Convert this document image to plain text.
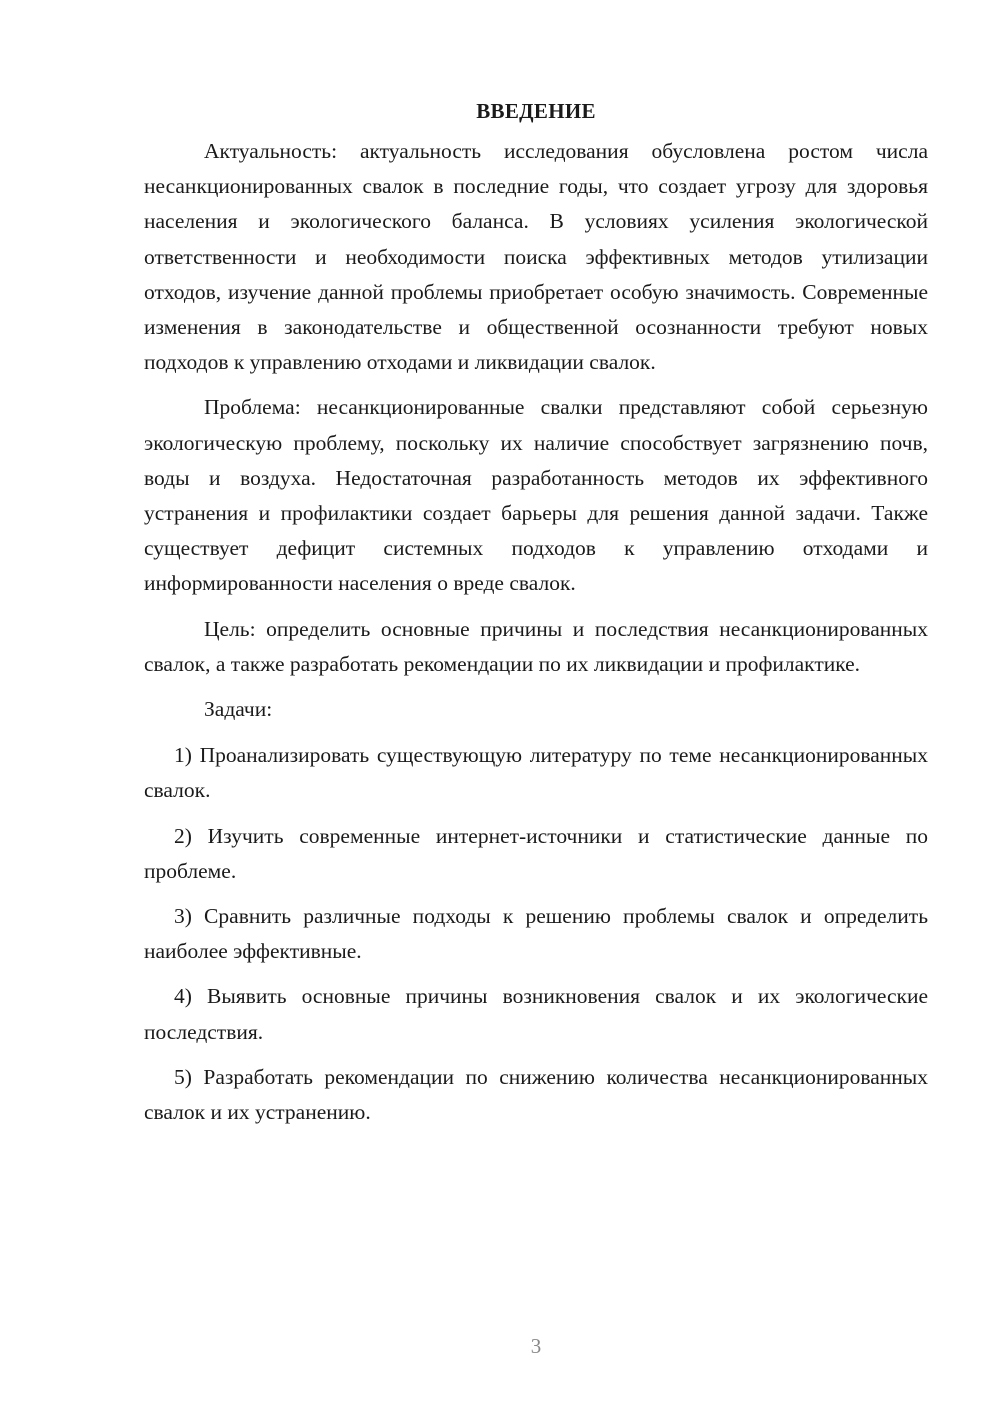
ВВЕДЕНИЕ

Актуальность: актуальность исследования обусловлена ростом числа несанкционированных свалок в последние годы, что создает угрозу для здоровья населения и экологического баланса. В условиях усиления экологической ответственности и необходимости поиска эффективных методов утилизации отходов, изучение данной проблемы приобретает особую значимость. Современные изменения в законодательстве и общественной осознанности требуют новых подходов к управлению отходами и ликвидации свалок.

Проблема: несанкционированные свалки представляют собой серьезную экологическую проблему, поскольку их наличие способствует загрязнению почв, воды и воздуха. Недостаточная разработанность методов их эффективного устранения и профилактики создает барьеры для решения данной задачи. Также существует дефицит системных подходов к управлению отходами и информированности населения о вреде свалок.

Цель: определить основные причины и последствия несанкционированных свалок, а также разработать рекомендации по их ликвидации и профилактике.

Задачи:

1) Проанализировать существующую литературу по теме несанкционированных свалок.

2) Изучить современные интернет-источники и статистические данные по проблеме.

3) Сравнить различные подходы к решению проблемы свалок и определить наиболее эффективные.

4) Выявить основные причины возникновения свалок и их экологические последствия.

5) Разработать рекомендации по снижению количества несанкционированных свалок и их устранению.

3
